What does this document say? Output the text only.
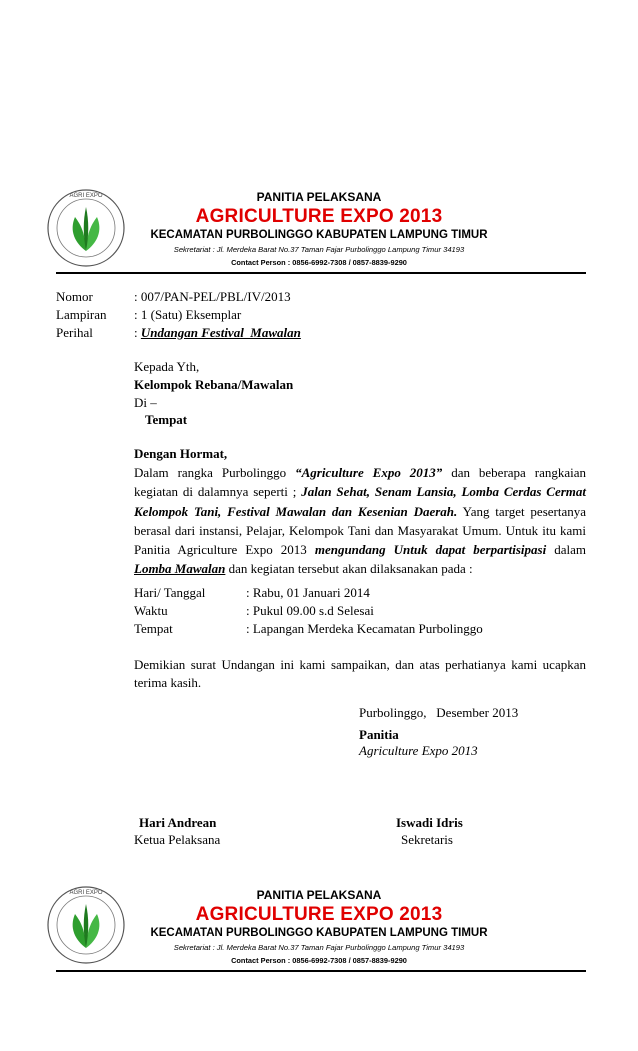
AGRI EXPO	PANITIA PELAKSANA
AGRICULTURE EXPO 2013
KECAMATAN PURBOLINGGO KABUPATEN LAMPUNG TIMUR
Sekretariat : Jl. Merdeka Barat No.37 Taman Fajar Purbolinggo Lampung Timur 34193
Contact Person : 0856-6992-7308 / 0857-8839-9290
Nomor	: 007/PAN-PEL/PBL/IV/2013
Lampiran : 1 (Satu) Eksemplar
Perihal	: Undangan Festival  Mawalan
Kepada Yth,
Kelompok Rebana/Mawalan
Di –
Tempat
Dengan Hormat,
Dalam rangka Purbolinggo “Agriculture Expo 2013” dan beberapa rangkaian kegiatan di dalamnya seperti ; Jalan Sehat, Senam Lansia, Lomba Cerdas Cermat Kelompok Tani, Festival Mawalan dan Kesenian Daerah. Yang target pesertanya berasal dari instansi, Pelajar, Kelompok Tani dan Masyarakat Umum. Untuk itu kami Panitia Agriculture Expo 2013 mengundang Untuk dapat berpartisipasi dalam Lomba Mawalan dan kegiatan tersebut akan dilaksanakan pada :
Hari/ Tanggal	: Rabu, 01 Januari 2014
Waktu	: Pukul 09.00 s.d Selesai
Tempat	: Lapangan Merdeka Kecamatan Purbolinggo
Demikian surat Undangan ini kami sampaikan, dan atas perhatianya kami ucapkan terima kasih.
Purbolinggo,   Desember 2013
Panitia
Agriculture Expo 2013
Hari Andrean
Ketua Pelaksana
Iswadi Idris
Sekretaris
AGRI EXPO	PANITIA PELAKSANA
AGRICULTURE EXPO 2013
KECAMATAN PURBOLINGGO KABUPATEN LAMPUNG TIMUR
Sekretariat : Jl. Merdeka Barat No.37 Taman Fajar Purbolinggo Lampung Timur 34193
Contact Person : 0856-6992-7308 / 0857-8839-9290
